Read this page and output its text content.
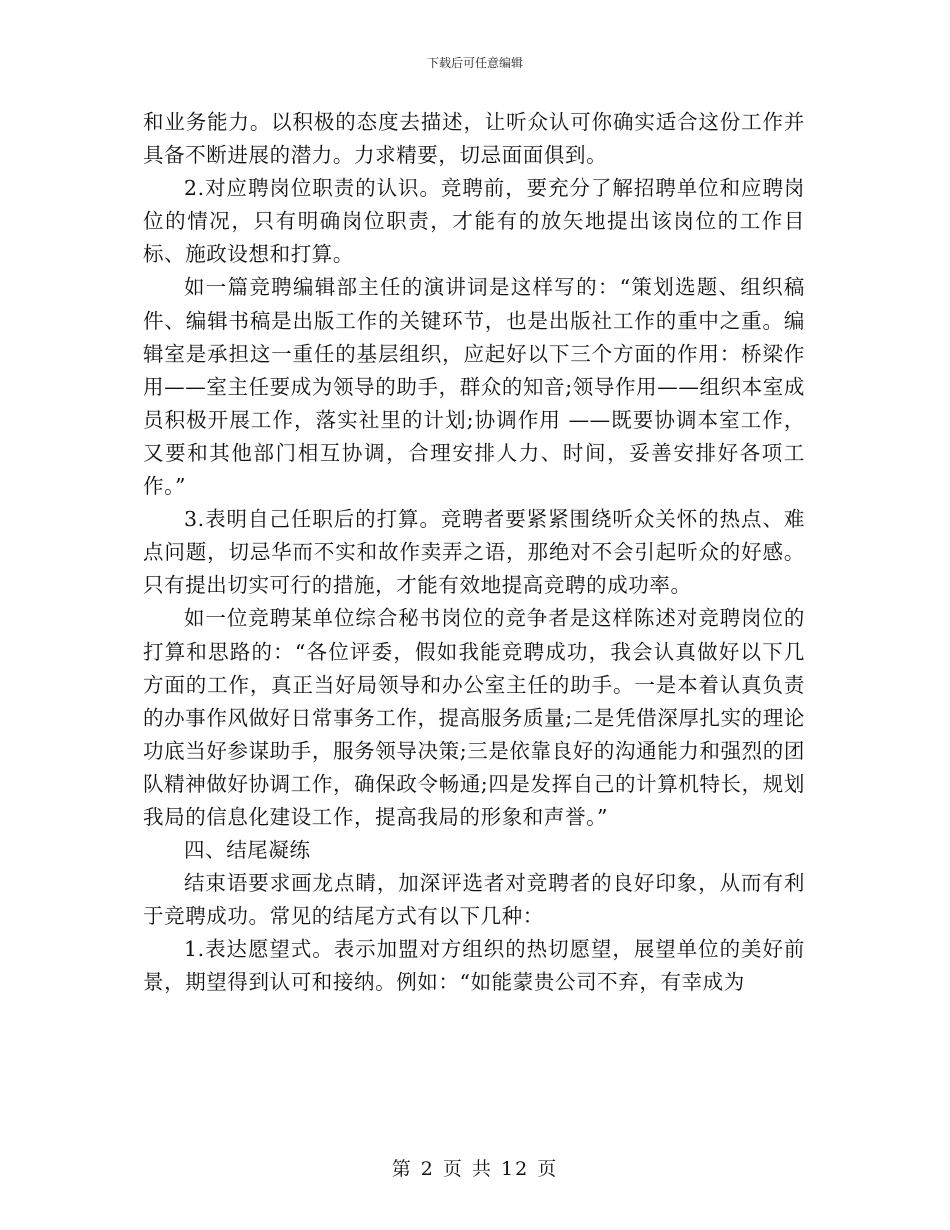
下载后可任意编辑

和业务能力。以积极的态度去描述，让听众认可你确实适合这份工作并具备不断进展的潜力。力求精要，切忌面面俱到。

2.对应聘岗位职责的认识。竞聘前，要充分了解招聘单位和应聘岗位的情况，只有明确岗位职责，才能有的放矢地提出该岗位的工作目标、施政设想和打算。

如一篇竞聘编辑部主任的演讲词是这样写的：“策划选题、组织稿件、编辑书稿是出版工作的关键环节，也是出版社工作的重中之重。编辑室是承担这一重任的基层组织，应起好以下三个方面的作用：桥梁作用——室主任要成为领导的助手，群众的知音;领导作用——组织本室成员积极开展工作，落实社里的计划;协调作用 ——既要协调本室工作，又要和其他部门相互协调，合理安排人力、时间，妥善安排好各项工作。”

3.表明自己任职后的打算。竞聘者要紧紧围绕听众关怀的热点、难点问题，切忌华而不实和故作卖弄之语，那绝对不会引起听众的好感。只有提出切实可行的措施，才能有效地提高竞聘的成功率。

如一位竞聘某单位综合秘书岗位的竞争者是这样陈述对竞聘岗位的打算和思路的：“各位评委，假如我能竞聘成功，我会认真做好以下几方面的工作，真正当好局领导和办公室主任的助手。一是本着认真负责的办事作风做好日常事务工作，提高服务质量;二是凭借深厚扎实的理论功底当好参谋助手，服务领导决策;三是依靠良好的沟通能力和强烈的团队精神做好协调工作，确保政令畅通;四是发挥自己的计算机特长，规划我局的信息化建设工作，提高我局的形象和声誉。”

四、结尾凝练

结束语要求画龙点睛，加深评选者对竞聘者的良好印象，从而有利于竞聘成功。常见的结尾方式有以下几种：

1.表达愿望式。表示加盟对方组织的热切愿望，展望单位的美好前景，期望得到认可和接纳。例如：“如能蒙贵公司不弃，有幸成为

第 2 页 共 12 页
